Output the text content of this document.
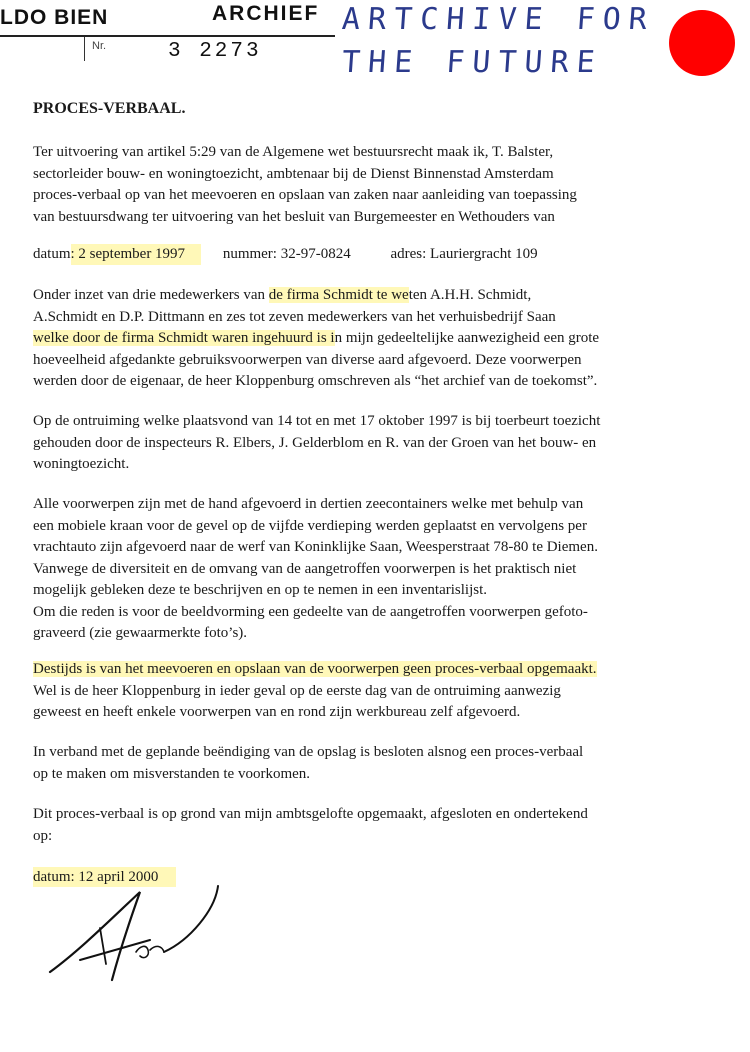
LDO BIEN	ARCHIEF
Nr.	3 2273
ARTCHIVE FOR
THE FUTURE
PROCES-VERBAAL.
Ter uitvoering van artikel 5:29 van de Algemene wet bestuursrecht maak ik, T. Balster,
sectorleider bouw- en woningtoezicht, ambtenaar bij de Dienst Binnenstad Amsterdam
proces-verbaal op van het meevoeren en opslaan van zaken naar aanleiding van toepassing
van bestuursdwang ter uitvoering van het besluit van Burgemeester en Wethouders van
datum: 2 september 1997	nummer: 32-97-0824	adres: Lauriergracht 109
Onder inzet van drie medewerkers van de firma Schmidt te weten A.H.H. Schmidt,
A.Schmidt en D.P. Dittmann en zes tot zeven medewerkers van het verhuisbedrijf Saan
welke door de firma Schmidt waren ingehuurd is in mijn gedeeltelijke aanwezigheid een grote
hoeveelheid afgedankte gebruiksvoorwerpen van diverse aard afgevoerd. Deze voorwerpen
werden door de eigenaar, de heer Kloppenburg omschreven als “het archief van de toekomst”.
Op de ontruiming welke plaatsvond van 14 tot en met 17 oktober 1997 is bij toerbeurt toezicht
gehouden door de inspecteurs R. Elbers, J. Gelderblom en R. van der Groen van het bouw- en
woningtoezicht.
Alle voorwerpen zijn met de hand afgevoerd in dertien zeecontainers welke met behulp van
een mobiele kraan voor de gevel op de vijfde verdieping werden geplaatst en vervolgens per
vrachtauto zijn afgevoerd naar de werf van Koninklijke Saan, Weesperstraat 78-80 te Diemen.
Vanwege de diversiteit en de omvang van de aangetroffen voorwerpen is het praktisch niet
mogelijk gebleken deze te beschrijven en op te nemen in een inventarislijst.
Om die reden is voor de beeldvorming een gedeelte van de aangetroffen voorwerpen gefoto-
graveerd (zie gewaarmerkte foto’s).
Destijds is van het meevoeren en opslaan van de voorwerpen geen proces-verbaal opgemaakt.
Wel is de heer Kloppenburg in ieder geval op de eerste dag van de ontruiming aanwezig
geweest en heeft enkele voorwerpen van en rond zijn werkbureau zelf afgevoerd.
In verband met de geplande beëndiging van de opslag is besloten alsnog een proces-verbaal
op te maken om misverstanden te voorkomen.
Dit proces-verbaal is op grond van mijn ambtsgelofte opgemaakt, afgesloten en ondertekend
op:
datum: 12 april 2000
